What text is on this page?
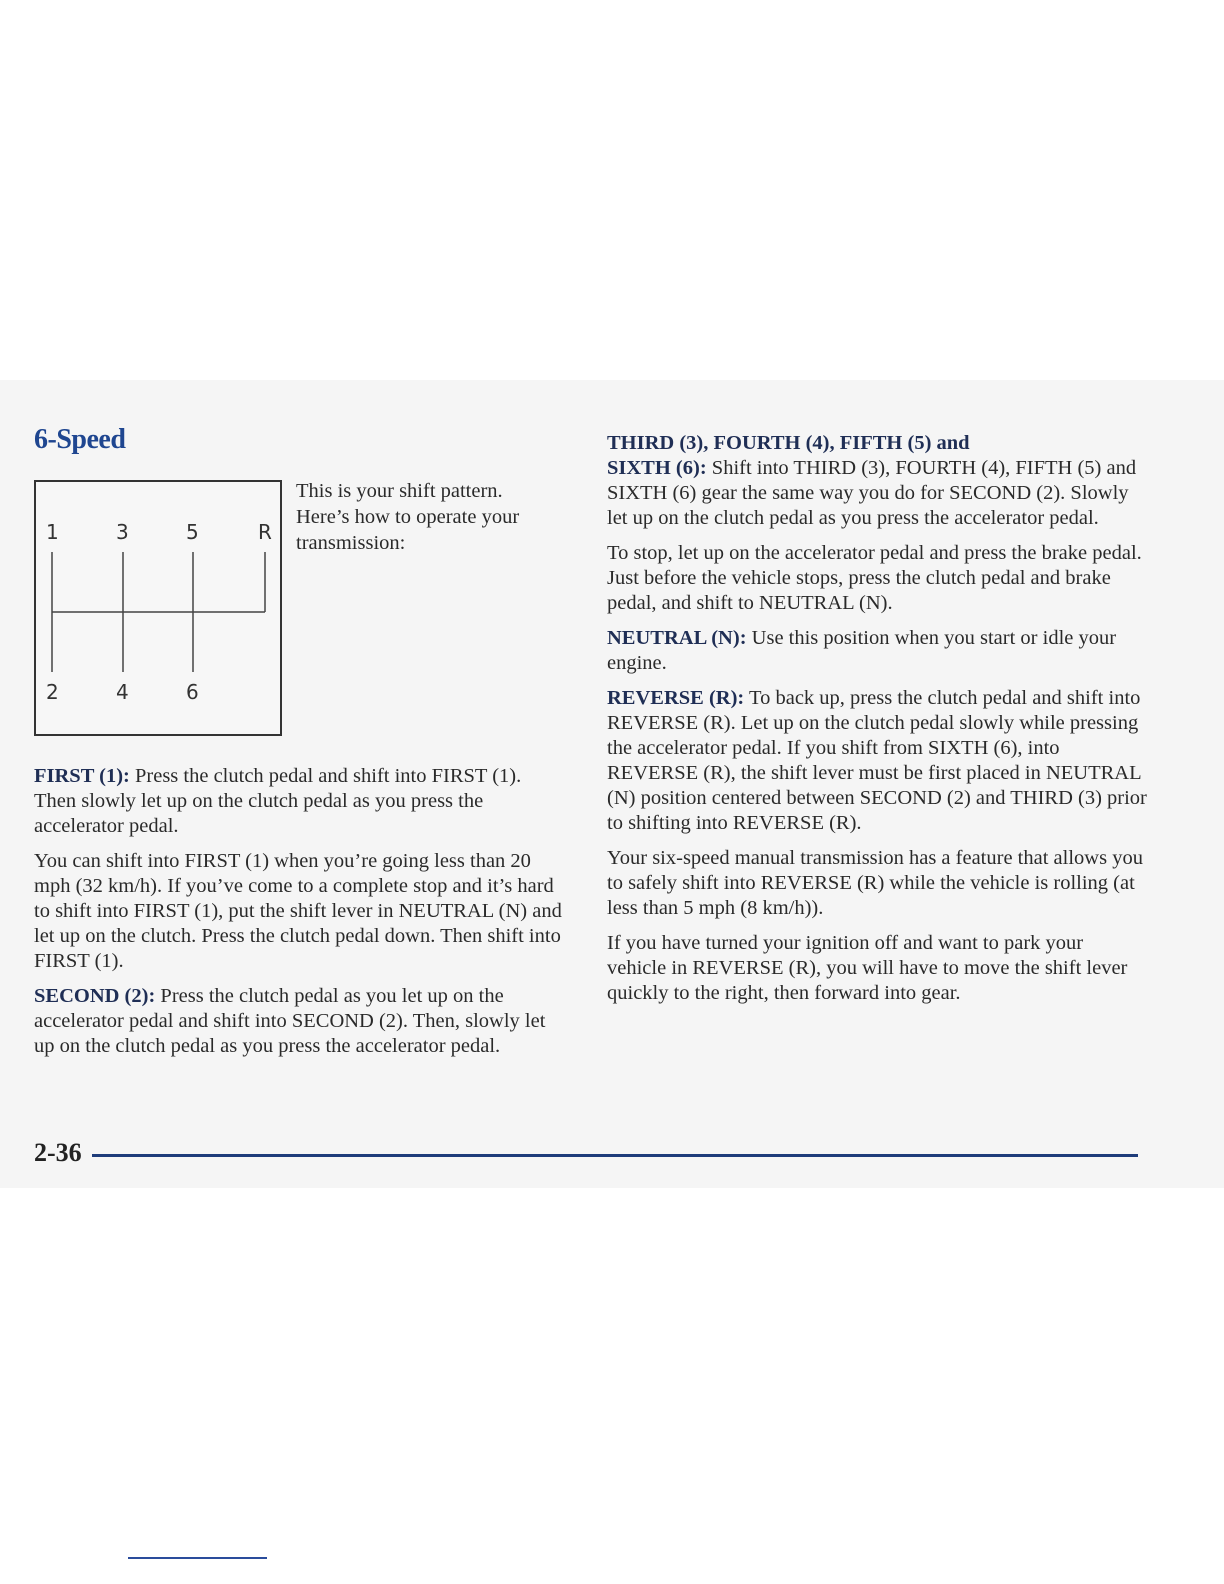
6-Speed
1	3	5	R
2	4	6
This is your shift pattern. Here’s how to operate your transmission:

FIRST (1): Press the clutch pedal and shift into FIRST (1). Then slowly let up on the clutch pedal as you press the accelerator pedal.

You can shift into FIRST (1) when you’re going less than 20 mph (32 km/h). If you’ve come to a complete stop and it’s hard to shift into FIRST (1), put the shift lever in NEUTRAL (N) and let up on the clutch. Press the clutch pedal down. Then shift into FIRST (1).

SECOND (2): Press the clutch pedal as you let up on the accelerator pedal and shift into SECOND (2). Then, slowly let up on the clutch pedal as you press the accelerator pedal.

THIRD (3), FOURTH (4), FIFTH (5) and

SIXTH (6): Shift into THIRD (3), FOURTH (4), FIFTH (5) and SIXTH (6) gear the same way you do for SECOND (2). Slowly let up on the clutch pedal as you press the accelerator pedal.

To stop, let up on the accelerator pedal and press the brake pedal. Just before the vehicle stops, press the clutch pedal and brake pedal, and shift to NEUTRAL (N).

NEUTRAL (N): Use this position when you start or idle your engine.

REVERSE (R): To back up, press the clutch pedal and shift into REVERSE (R). Let up on the clutch pedal slowly while pressing the accelerator pedal. If you shift from SIXTH (6), into REVERSE (R), the shift lever must be first placed in NEUTRAL (N) position centered between SECOND (2) and THIRD (3) prior to shifting into REVERSE (R).

Your six-speed manual transmission has a feature that allows you to safely shift into REVERSE (R) while the vehicle is rolling (at less than 5 mph (8 km/h)).

If you have turned your ignition off and want to park your vehicle in REVERSE (R), you will have to move the shift lever quickly to the right, then forward into gear.

2-36
